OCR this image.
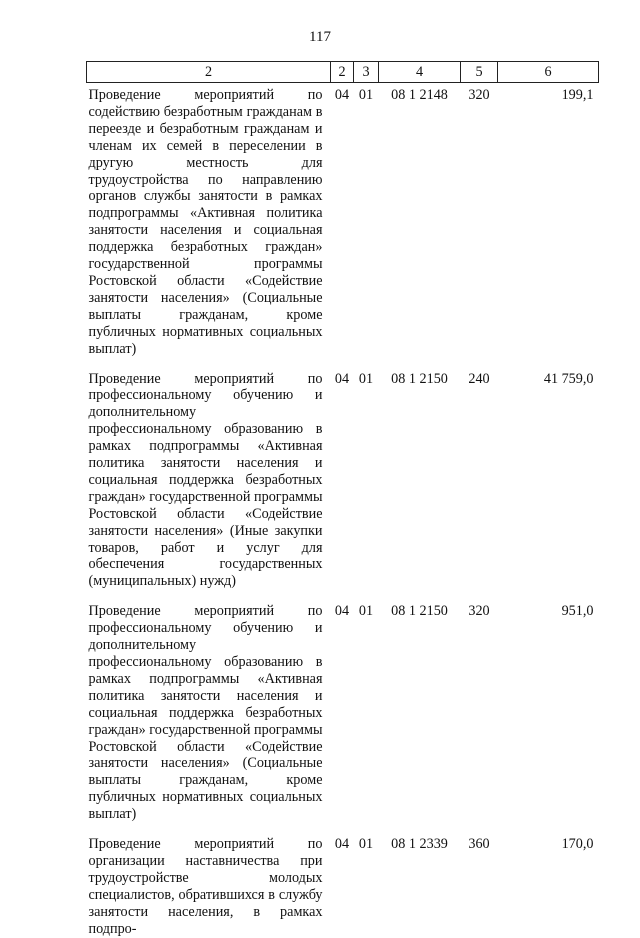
117
2	2	3	4	5	6
Проведение мероприятий по содействию безработным гражданам в переезде и безработным гражданам и членам их семей в переселении в другую местность для трудоустройства по направлению органов службы занятости в рамках подпрограммы «Активная политика занятости населения и социальная поддержка безработных граждан» государственной программы Ростовской области «Содействие занятости населения» (Социальные выплаты гражданам, кроме публичных нормативных социальных выплат)	04	01	08 1 2148	320	199,1
Проведение мероприятий по профессиональному обучению и дополнительному профессиональному образованию в рамках подпрограммы «Активная политика занятости населения и социальная поддержка безработных граждан» государственной программы Ростовской области «Содействие занятости населения» (Иные закупки товаров, работ и услуг для обеспечения государственных (муниципальных) нужд)	04	01	08 1 2150	240	41 759,0
Проведение мероприятий по профессиональному обучению и дополнительному профессиональному образованию в рамках подпрограммы «Активная политика занятости населения и социальная поддержка безработных граждан» государственной программы Ростовской области «Содействие занятости населения» (Социальные выплаты гражданам, кроме публичных нормативных социальных выплат)	04	01	08 1 2150	320	951,0
Проведение мероприятий по организации наставничества при трудоустройстве молодых специалистов, обратившихся в службу занятости населения, в рамках подпро-	04	01	08 1 2339	360	170,0
